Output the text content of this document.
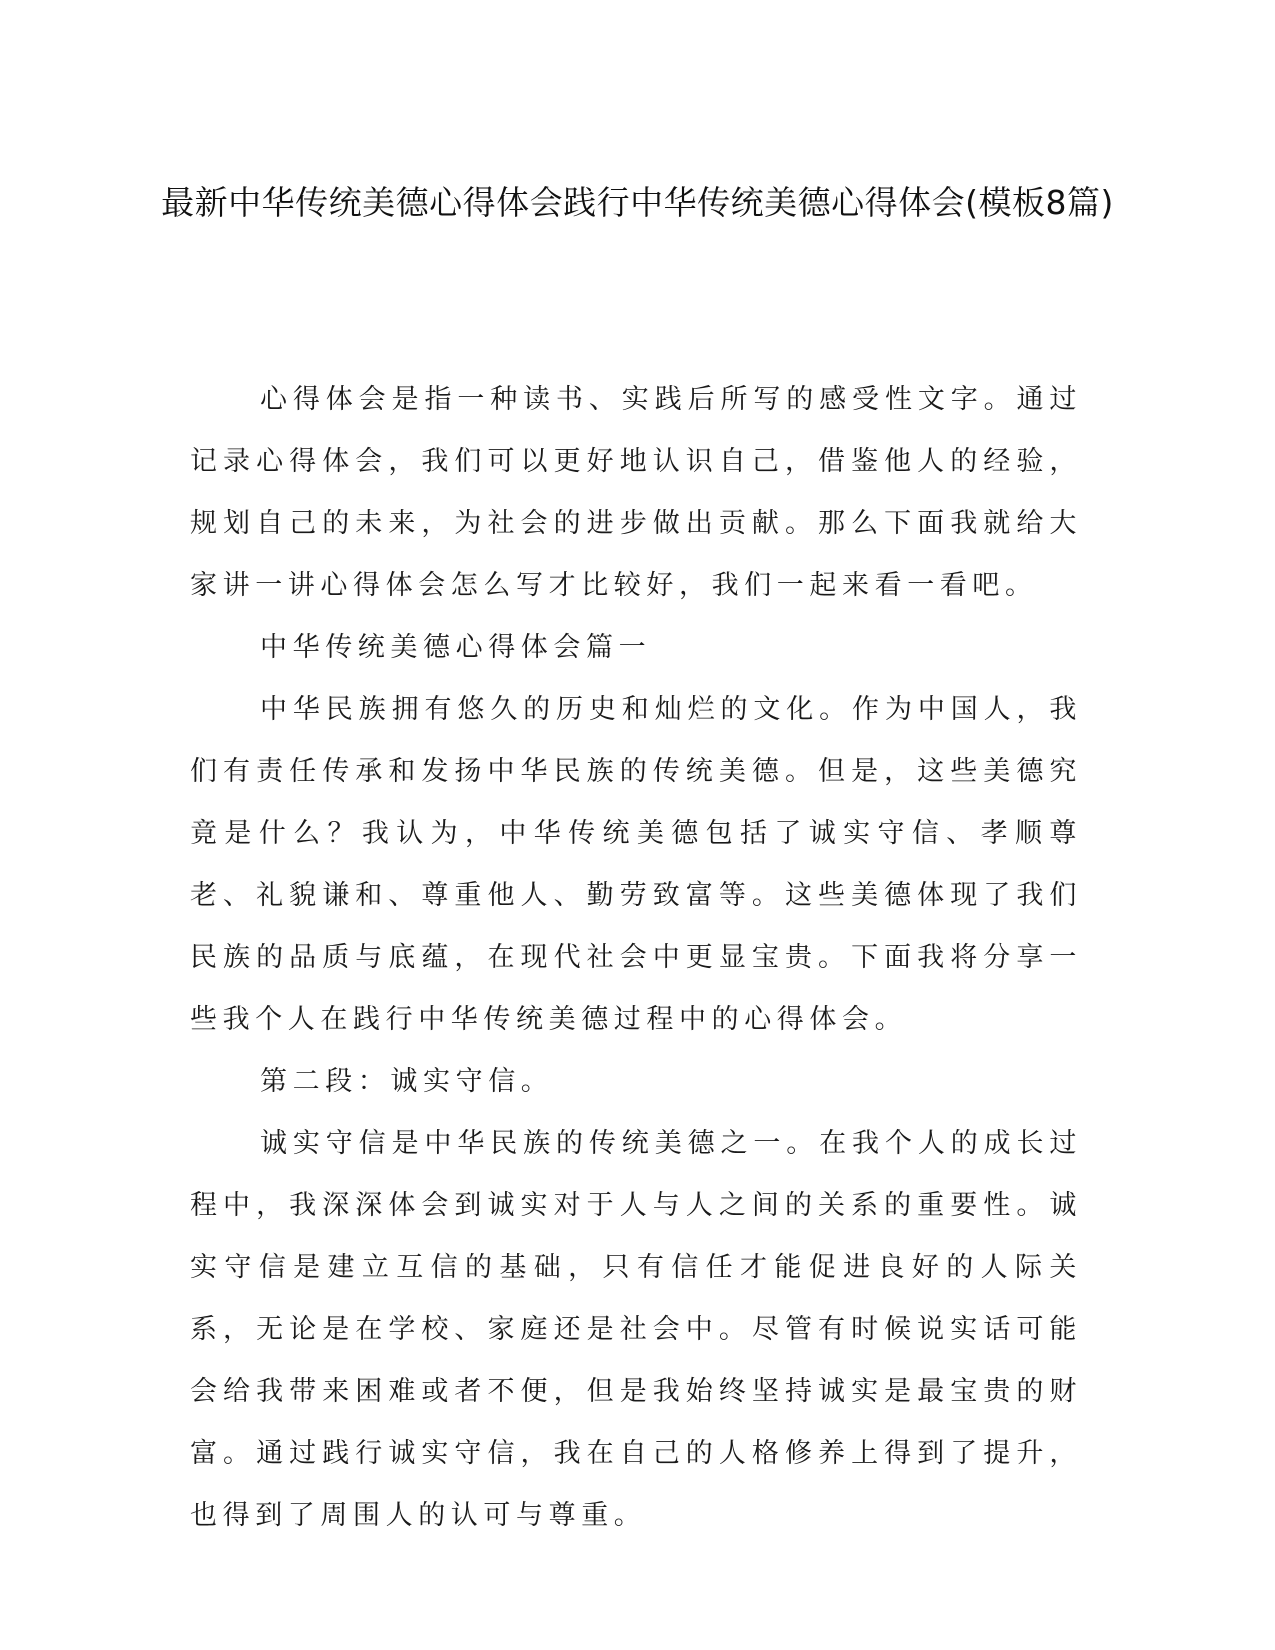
最新中华传统美德心得体会践行中华传统美德心得体会(模板8篇)

心得体会是指一种读书、实践后所写的感受性文字。通过记录心得体会，我们可以更好地认识自己，借鉴他人的经验，规划自己的未来，为社会的进步做出贡献。那么下面我就给大家讲一讲心得体会怎么写才比较好，我们一起来看一看吧。

中华传统美德心得体会篇一

中华民族拥有悠久的历史和灿烂的文化。作为中国人，我们有责任传承和发扬中华民族的传统美德。但是，这些美德究竟是什么？我认为，中华传统美德包括了诚实守信、孝顺尊老、礼貌谦和、尊重他人、勤劳致富等。这些美德体现了我们民族的品质与底蕴，在现代社会中更显宝贵。下面我将分享一些我个人在践行中华传统美德过程中的心得体会。

第二段：诚实守信。

诚实守信是中华民族的传统美德之一。在我个人的成长过程中，我深深体会到诚实对于人与人之间的关系的重要性。诚实守信是建立互信的基础，只有信任才能促进良好的人际关系，无论是在学校、家庭还是社会中。尽管有时候说实话可能会给我带来困难或者不便，但是我始终坚持诚实是最宝贵的财富。通过践行诚实守信，我在自己的人格修养上得到了提升，也得到了周围人的认可与尊重。
